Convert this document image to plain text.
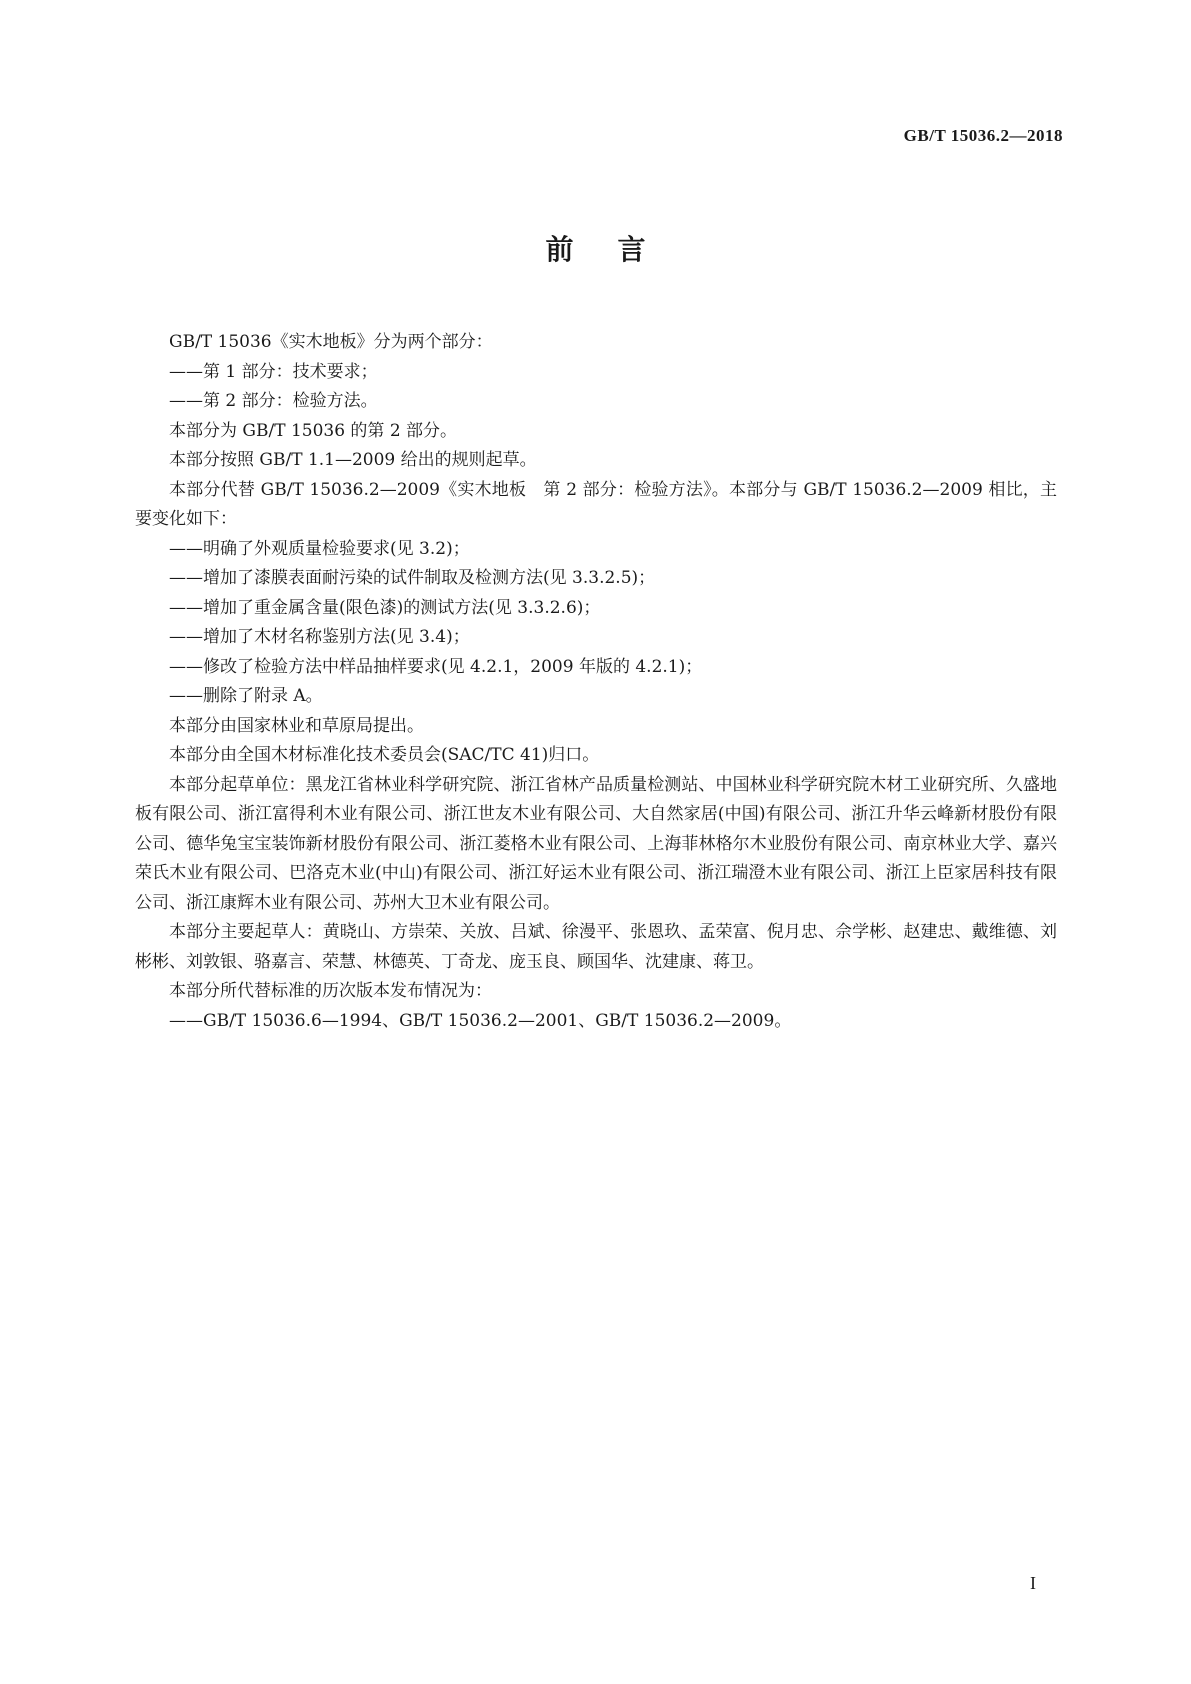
GB/T 15036.2—2018
前言

GB/T 15036《实木地板》分为两个部分：

——第 1 部分：技术要求；

——第 2 部分：检验方法。

本部分为 GB/T 15036 的第 2 部分。

本部分按照 GB/T 1.1—2009 给出的规则起草。

本部分代替 GB/T 15036.2—2009《实木地板　第 2 部分：检验方法》。本部分与 GB/T 15036.2—2009 相比，主要变化如下：

——明确了外观质量检验要求(见 3.2)；

——增加了漆膜表面耐污染的试件制取及检测方法(见 3.3.2.5)；

——增加了重金属含量(限色漆)的测试方法(见 3.3.2.6)；

——增加了木材名称鉴别方法(见 3.4)；

——修改了检验方法中样品抽样要求(见 4.2.1，2009 年版的 4.2.1)；

——删除了附录 A。

本部分由国家林业和草原局提出。

本部分由全国木材标准化技术委员会(SAC/TC 41)归口。

本部分起草单位：黑龙江省林业科学研究院、浙江省林产品质量检测站、中国林业科学研究院木材工业研究所、久盛地板有限公司、浙江富得利木业有限公司、浙江世友木业有限公司、大自然家居(中国)有限公司、浙江升华云峰新材股份有限公司、德华兔宝宝装饰新材股份有限公司、浙江菱格木业有限公司、上海菲林格尔木业股份有限公司、南京林业大学、嘉兴荣氏木业有限公司、巴洛克木业(中山)有限公司、浙江好运木业有限公司、浙江瑞澄木业有限公司、浙江上臣家居科技有限公司、浙江康辉木业有限公司、苏州大卫木业有限公司。

本部分主要起草人：黄晓山、方崇荣、关放、吕斌、徐漫平、张恩玖、孟荣富、倪月忠、佘学彬、赵建忠、戴维德、刘彬彬、刘敦银、骆嘉言、荣慧、林德英、丁奇龙、庞玉良、顾国华、沈建康、蒋卫。

本部分所代替标准的历次版本发布情况为：

——GB/T 15036.6—1994、GB/T 15036.2—2001、GB/T 15036.2—2009。

I
